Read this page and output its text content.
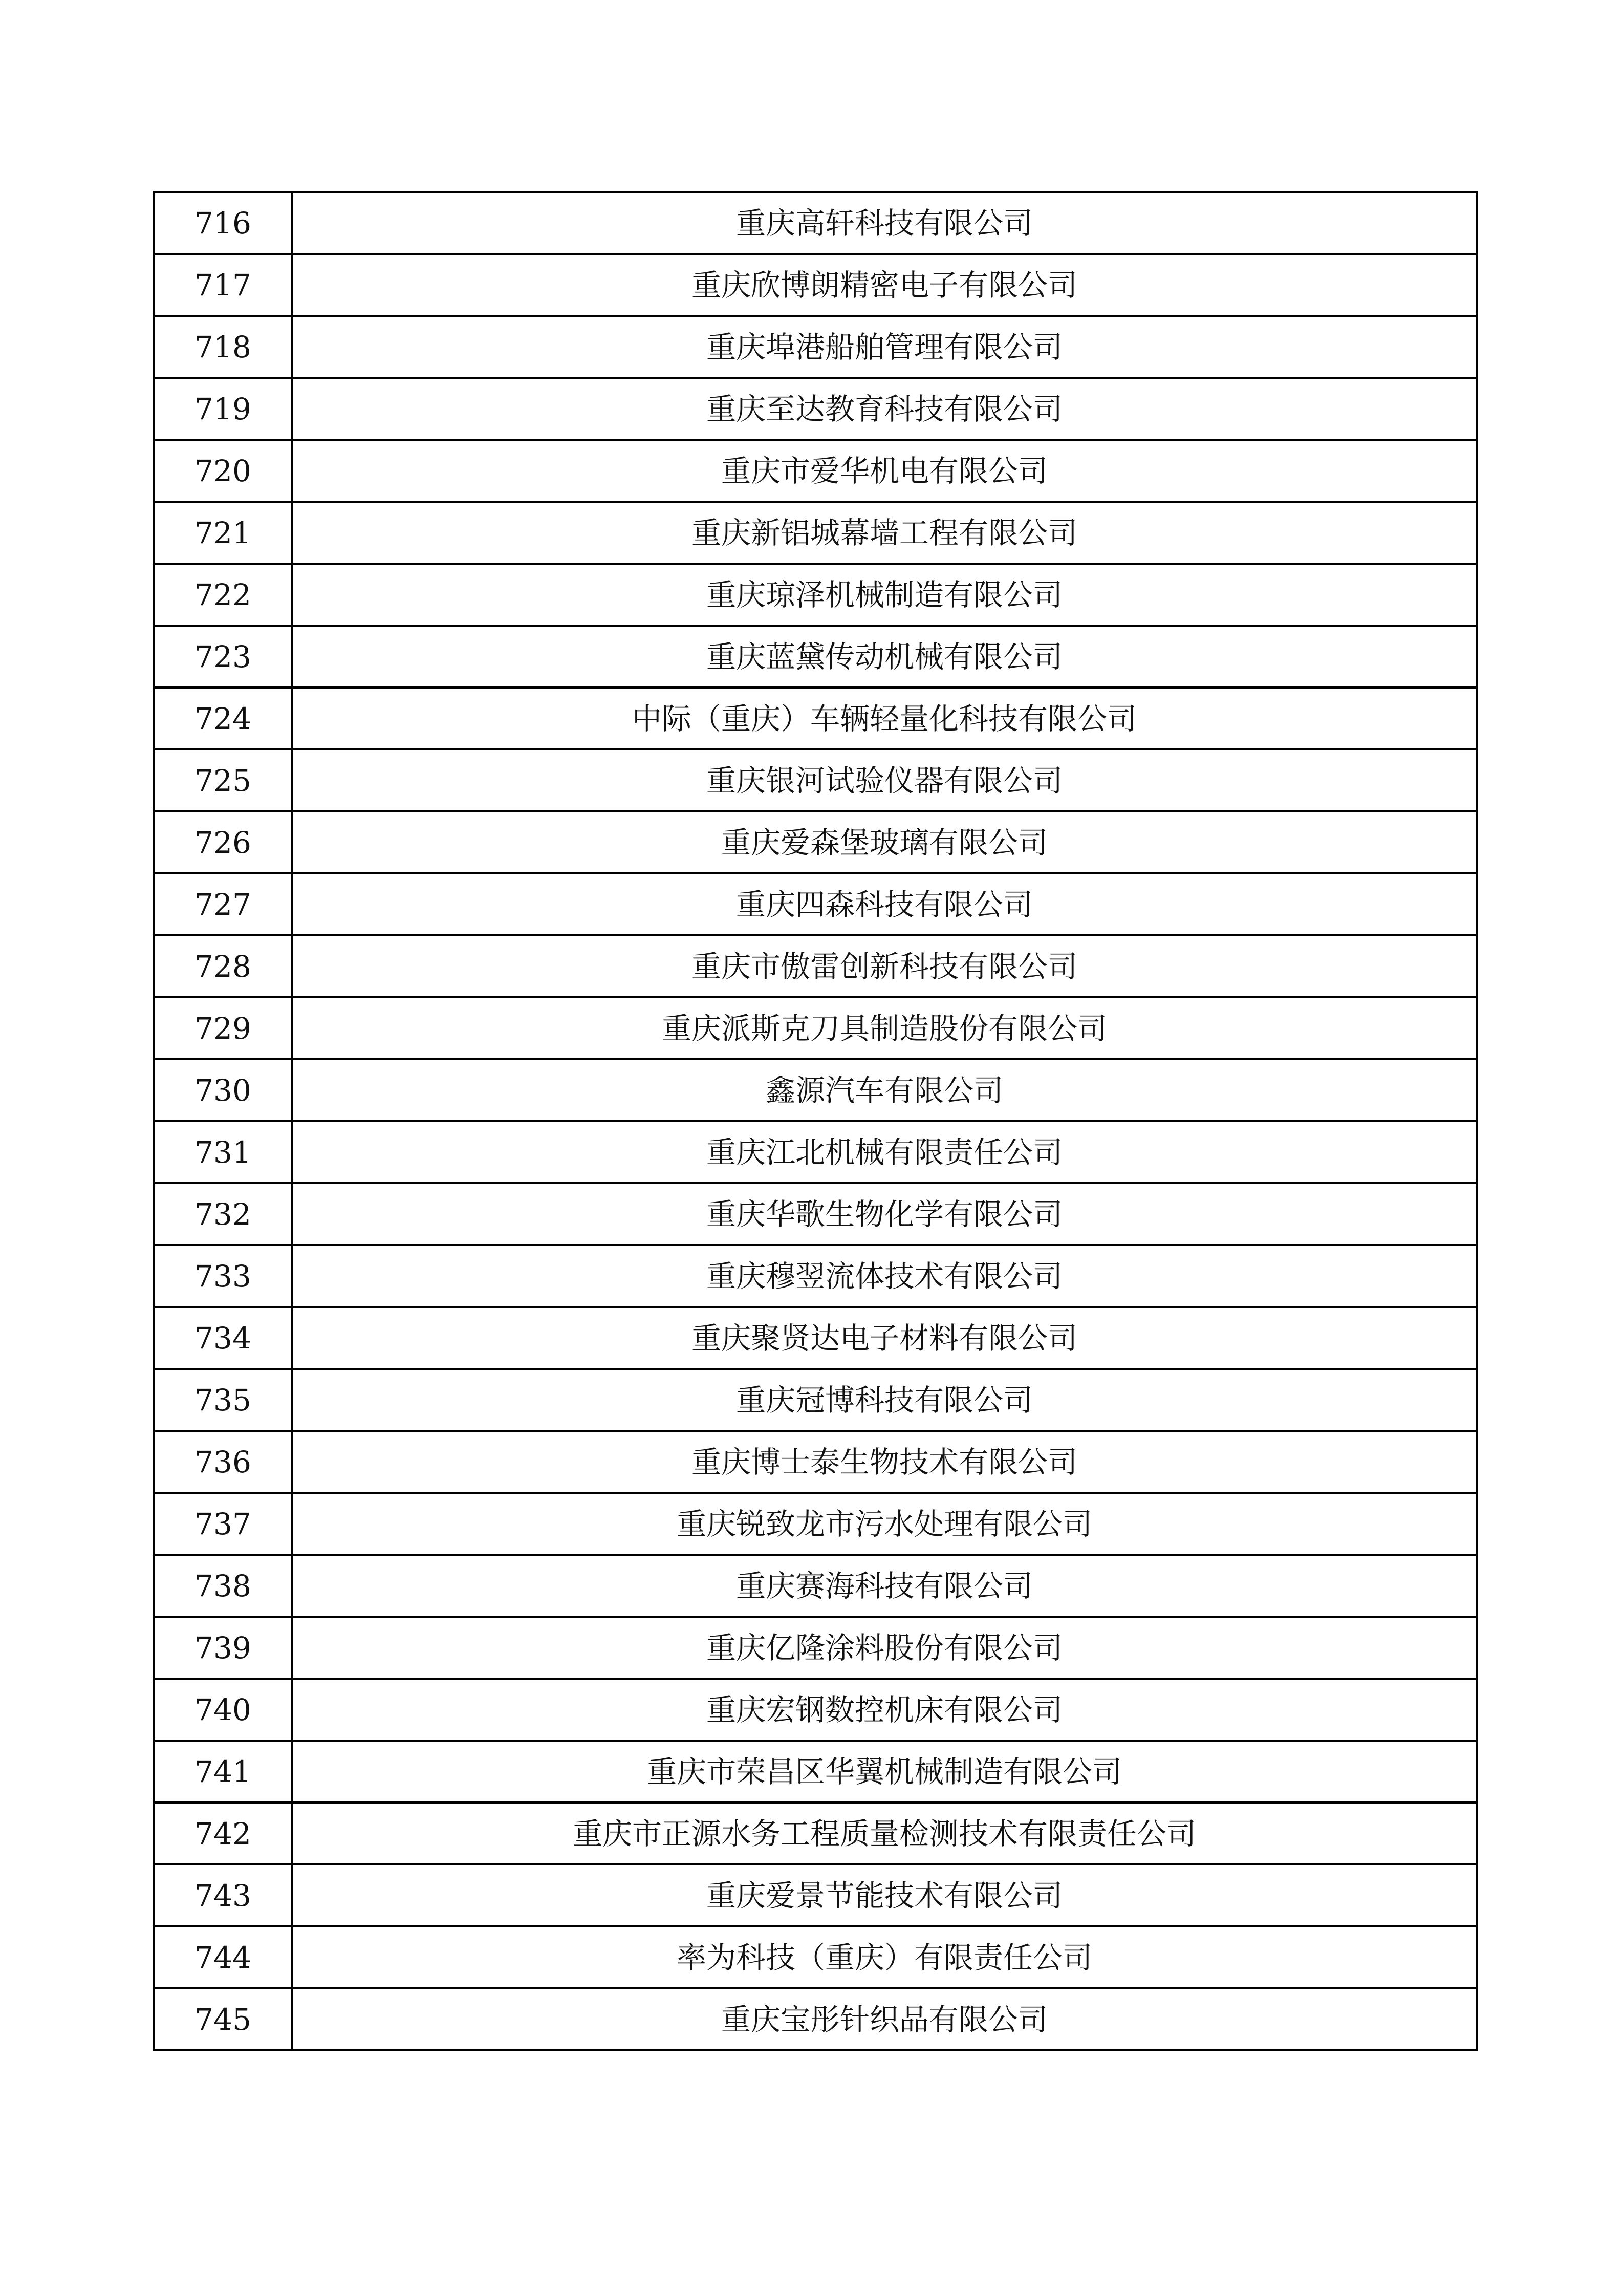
716	重庆高轩科技有限公司
717	重庆欣博朗精密电子有限公司
718	重庆埠港船舶管理有限公司
719	重庆至达教育科技有限公司
720	重庆市爱华机电有限公司
721	重庆新铝城幕墙工程有限公司
722	重庆琼泽机械制造有限公司
723	重庆蓝黛传动机械有限公司
724	中际（重庆）车辆轻量化科技有限公司
725	重庆银河试验仪器有限公司
726	重庆爱森堡玻璃有限公司
727	重庆四森科技有限公司
728	重庆市傲雷创新科技有限公司
729	重庆派斯克刀具制造股份有限公司
730	鑫源汽车有限公司
731	重庆江北机械有限责任公司
732	重庆华歌生物化学有限公司
733	重庆穆翌流体技术有限公司
734	重庆聚贤达电子材料有限公司
735	重庆冠博科技有限公司
736	重庆博士泰生物技术有限公司
737	重庆锐致龙市污水处理有限公司
738	重庆赛海科技有限公司
739	重庆亿隆涂料股份有限公司
740	重庆宏钢数控机床有限公司
741	重庆市荣昌区华翼机械制造有限公司
742	重庆市正源水务工程质量检测技术有限责任公司
743	重庆爱景节能技术有限公司
744	率为科技（重庆）有限责任公司
745	重庆宝彤针织品有限公司
